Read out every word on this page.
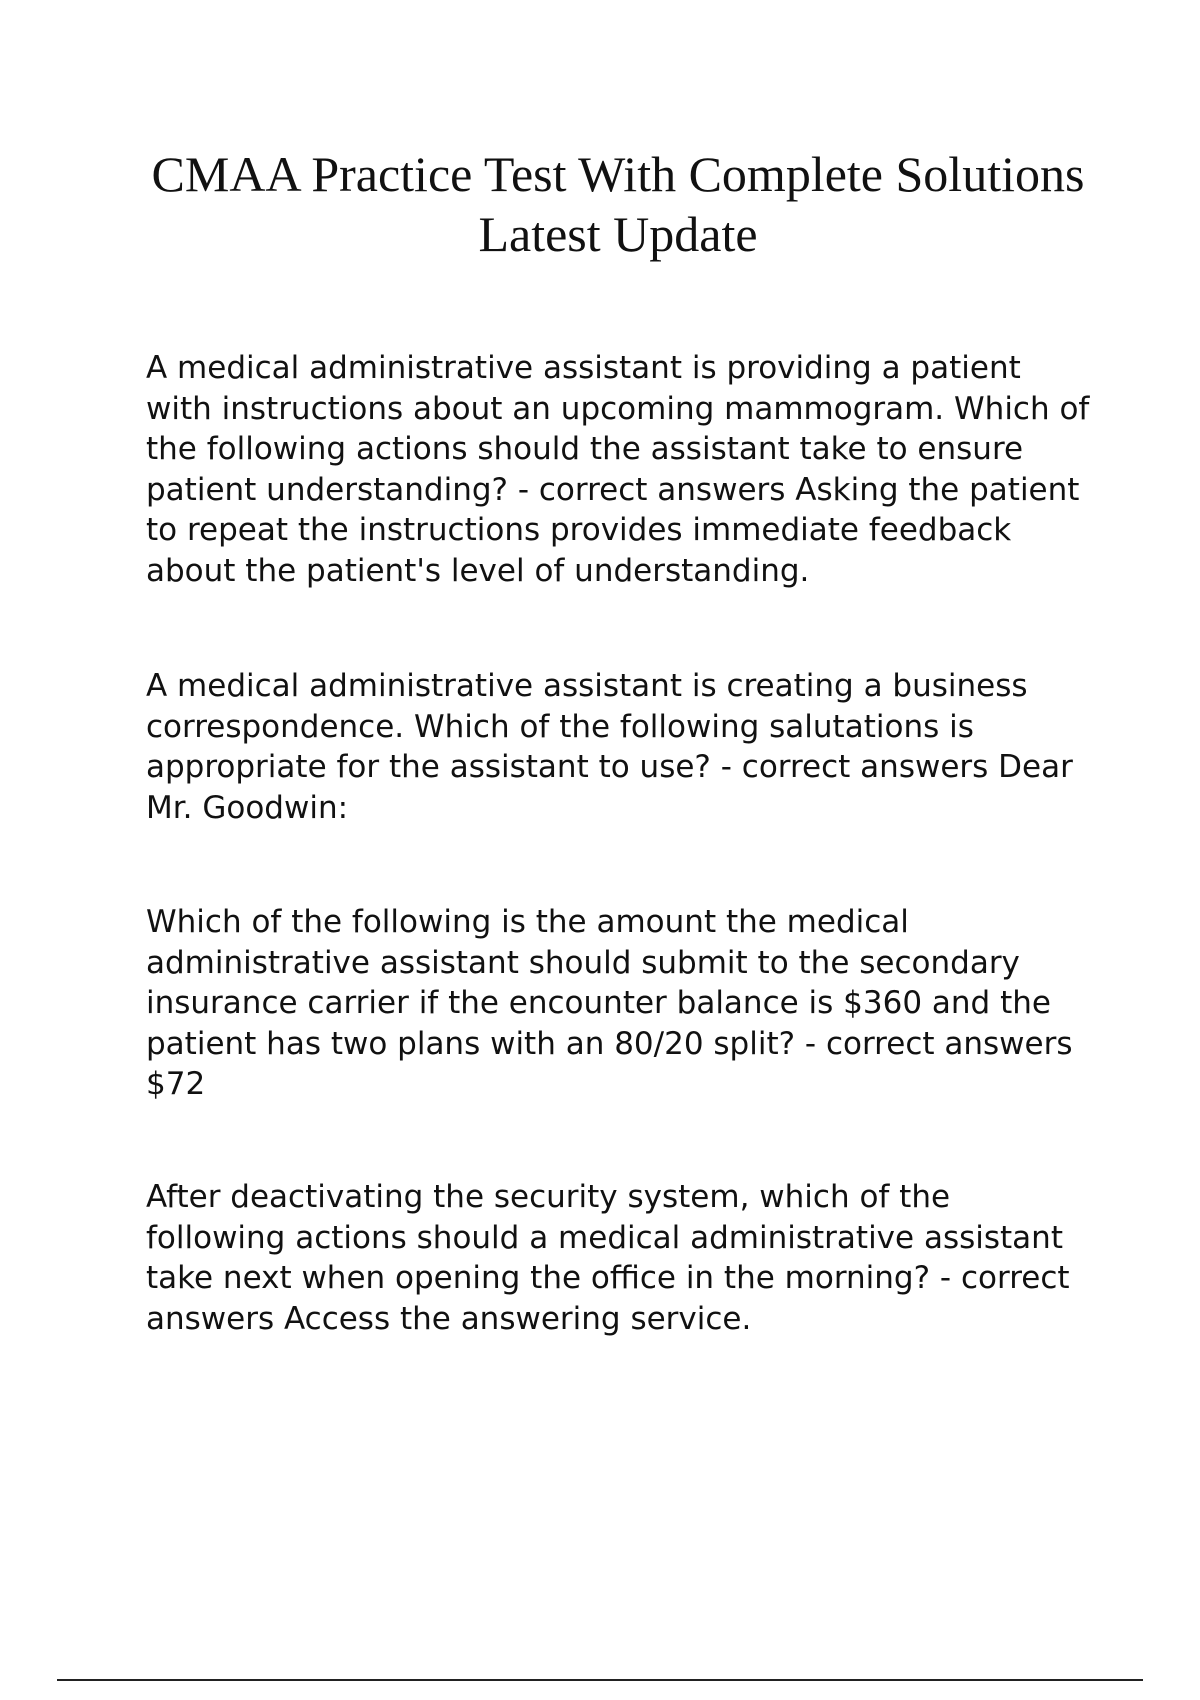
CMAA Practice Test With Complete Solutions Latest Update

A medical administrative assistant is providing a patient with instructions about an upcoming mammogram. Which of the following actions should the assistant take to ensure patient understanding? - correct answers Asking the patient to repeat the instructions provides immediate feedback about the patient's level of understanding.

A medical administrative assistant is creating a business correspondence. Which of the following salutations is appropriate for the assistant to use? - correct answers Dear Mr. Goodwin:

Which of the following is the amount the medical administrative assistant should submit to the secondary insurance carrier if the encounter balance is $360 and the patient has two plans with an 80/20 split? - correct answers $72

After deactivating the security system, which of the following actions should a medical administrative assistant take next when opening the office in the morning? - correct answers Access the answering service.
